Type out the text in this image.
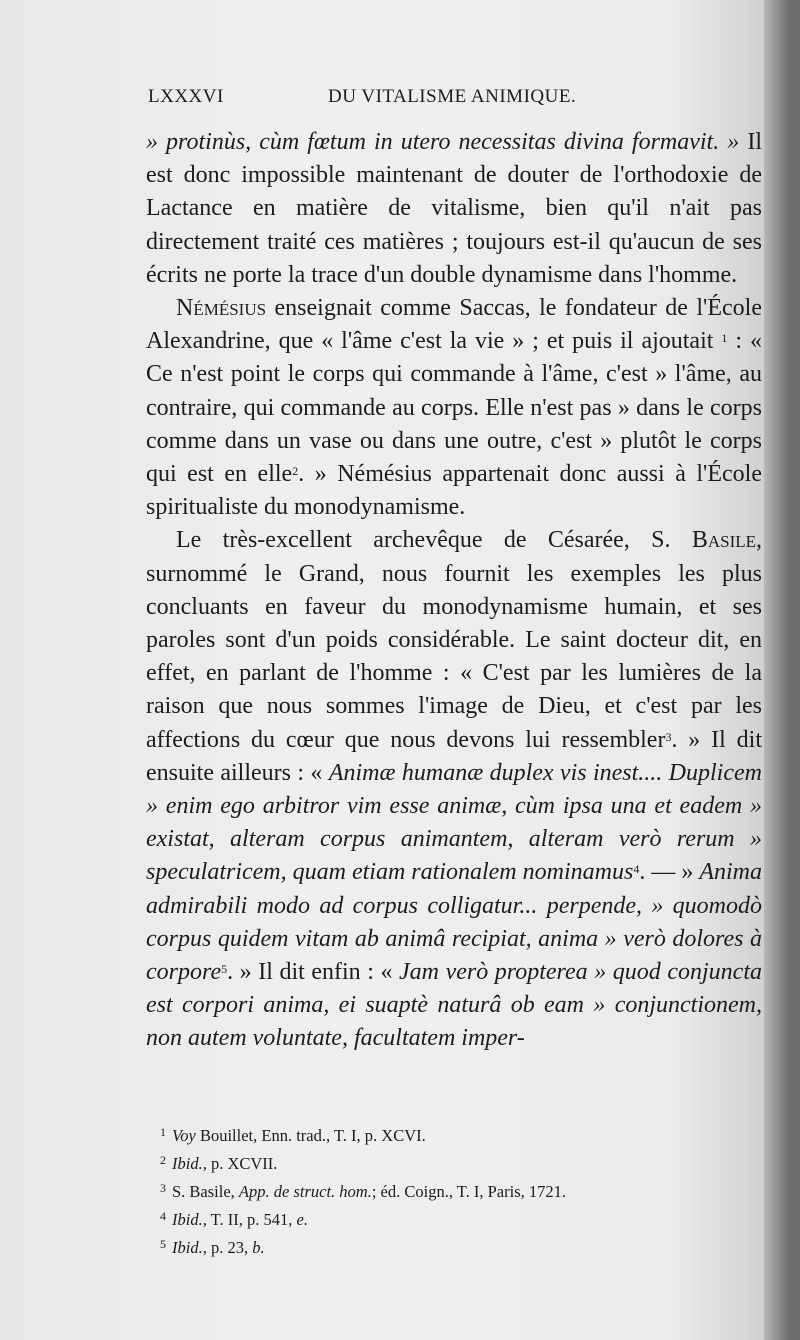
LXXXVI	DU VITALISME ANIMIQUE.

» protinùs, cùm fœtum in utero necessitas divina formavit. » Il est donc impossible maintenant de douter de l'orthodoxie de Lactance en matière de vitalisme, bien qu'il n'ait pas directement traité ces matières ; toujours est-il qu'aucun de ses écrits ne porte la trace d'un double dynamisme dans l'homme.

Némésius enseignait comme Saccas, le fondateur de l'École Alexandrine, que « l'âme c'est la vie » ; et puis il ajoutait $^1$ : « Ce n'est point le corps qui commande à l'âme, c'est » l'âme, au contraire, qui commande au corps. Elle n'est pas » dans le corps comme dans un vase ou dans une outre, c'est » plutôt le corps qui est en elle$^2$. » Némésius appartenait donc aussi à l'École spiritualiste du monodynamisme.

Le très-excellent archevêque de Césarée, S. Basile, surnommé le Grand, nous fournit les exemples les plus concluants en faveur du monodynamisme humain, et ses paroles sont d'un poids considérable. Le saint docteur dit, en effet, en parlant de l'homme : « C'est par les lumières de la raison que nous sommes l'image de Dieu, et c'est par les affections du cœur que nous devons lui ressembler$^3$. » Il dit ensuite ailleurs : « Animæ humanæ duplex vis inest.... Duplicem » enim ego arbitror vim esse animæ, cùm ipsa una et eadem » existat, alteram corpus animantem, alteram verò rerum » speculatricem, quam etiam rationalem nominamus$^4$. — » Anima admirabili modo ad corpus colligatur... perpende, » quomodò corpus quidem vitam ab animâ recipiat, anima » verò dolores à corpore$^5$. » Il dit enfin : « Jam verò propterea » quod conjuncta est corpori anima, ei suaptè naturâ ob eam » conjunctionem, non autem voluntate, facultatem imper-

$^1$ Voy Bouillet, Enn. trad., T. I, p. XCVI.
$^2$ Ibid., p. XCVII.
$^3$ S. Basile, App. de struct. hom.; éd. Coign., T. I, Paris, 1721.
$^4$ Ibid., T. II, p. 541, e.
$^5$ Ibid., p. 23, b.
